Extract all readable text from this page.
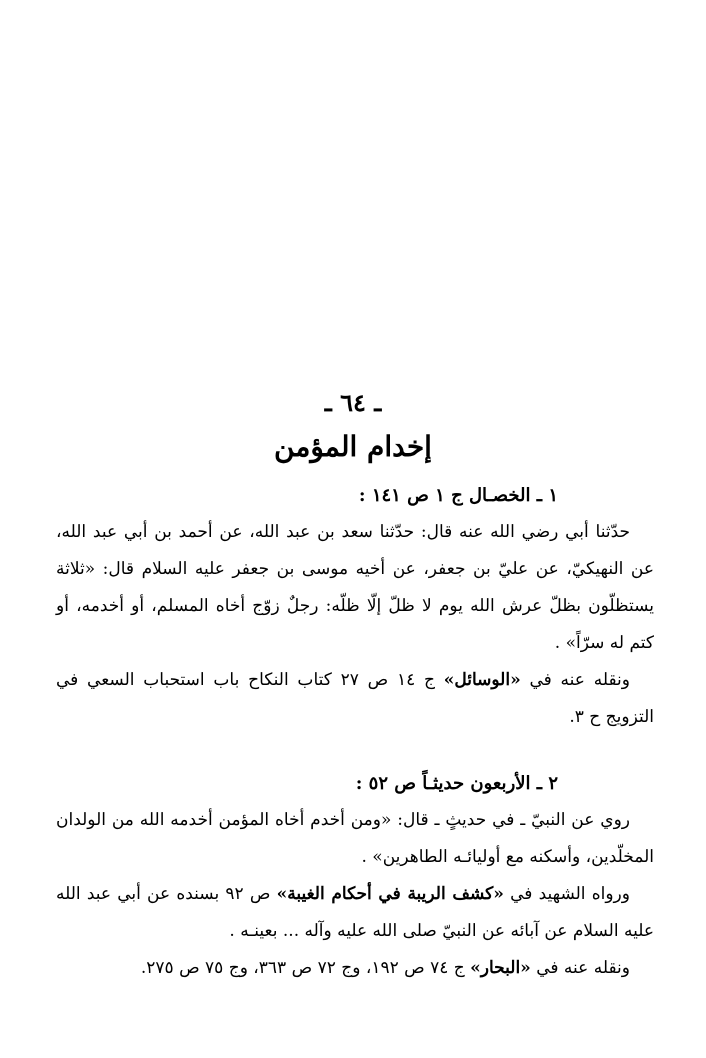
ـ ٦٤ ـ
إخدام المؤمن

١ ـ الخصـال ج ١ ص ١٤١ :

حدّثنا أبي رضي الله عنه قال: حدّثنا سعد بن عبد الله، عن أحمد بن أبي عبد الله، عن النهيكيّ، عن عليّ بن جعفر، عن أخيه موسى بن جعفر عليه السلام قال: «ثلاثة يستظلّون بظلّ عرش الله يوم لا ظلّ إلّا ظلّه: رجلٌ زوّج أخاه المسلم، أو أخدمه، أو كتم له سرّاً» .

ونقله عنه في «الوسائل» ج ١٤ ص ٢٧ كتاب النكاح باب استحباب السعي في التزويج ح ٣.

٢ ـ الأربعون حديثـاً ص ٥٢ :

روي عن النبيّ ـ في حديثٍ ـ قال: «ومن أخدم أخاه المؤمن أخدمه الله من الولدان المخلّدين، وأسكنه مع أوليائـه الطاهرين» .

ورواه الشهيد في «كشف الريبة في أحكام الغيبة» ص ٩٢ بسنده عن أبي عبد الله عليه السلام عن آبائه عن النبيّ صلى الله عليه وآله ... بعينـه .

ونقله عنه في «البحار» ج ٧٤ ص ١٩٢، وج ٧٢ ص ٣٦٣، وج ٧٥ ص ٢٧٥.
